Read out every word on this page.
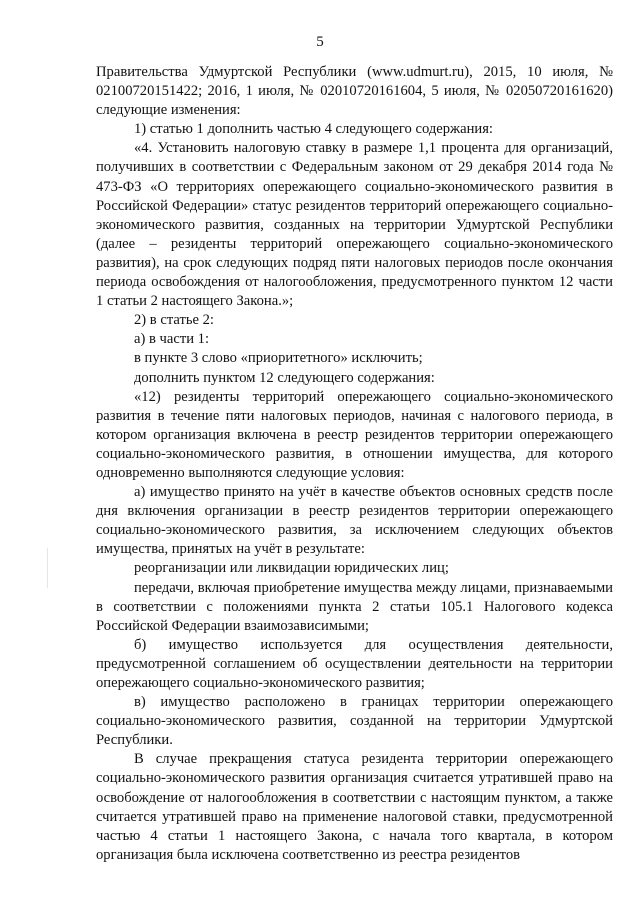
5

Правительства Удмуртской Республики (www.udmurt.ru), 2015, 10 июля, № 02100720151422; 2016, 1 июля, № 02010720161604, 5 июля, № 02050720161620) следующие изменения:

1) статью 1 дополнить частью 4 следующего содержания:

«4. Установить налоговую ставку в размере 1,1 процента для организаций, получивших в соответствии с Федеральным законом от 29 декабря 2014 года № 473-ФЗ «О территориях опережающего социально-экономического развития в Российской Федерации» статус резидентов территорий опережающего социально-экономического развития, созданных на территории Удмуртской Республики (далее – резиденты территорий опережающего социально-экономического развития), на срок следующих подряд пяти налоговых периодов после окончания периода освобождения от налогообложения, предусмотренного пунктом 12 части 1 статьи 2 настоящего Закона.»;

2) в статье 2:

а) в части 1:

в пункте 3 слово «приоритетного» исключить;

дополнить пунктом 12 следующего содержания:

«12) резиденты территорий опережающего социально-экономического развития в течение пяти налоговых периодов, начиная с налогового периода, в котором организация включена в реестр резидентов территории опережающего социально-экономического развития, в отношении имущества, для которого одновременно выполняются следующие условия:

а) имущество принято на учёт в качестве объектов основных средств после дня включения организации в реестр резидентов территории опережающего социально-экономического развития, за исключением следующих объектов имущества, принятых на учёт в результате:

реорганизации или ликвидации юридических лиц;

передачи, включая приобретение имущества между лицами, признаваемыми в соответствии с положениями пункта 2 статьи 105.1 Налогового кодекса Российской Федерации взаимозависимыми;

б) имущество используется для осуществления деятельности, предусмотренной соглашением об осуществлении деятельности на территории опережающего социально-экономического развития;

в) имущество расположено в границах территории опережающего социально-экономического развития, созданной на территории Удмуртской Республики.

В случае прекращения статуса резидента территории опережающего социально-экономического развития организация считается утратившей право на освобождение от налогообложения в соответствии с настоящим пунктом, а также считается утратившей право на применение налоговой ставки, предусмотренной частью 4 статьи 1 настоящего Закона, с начала того квартала, в котором организация была исключена соответственно из реестра резидентов
